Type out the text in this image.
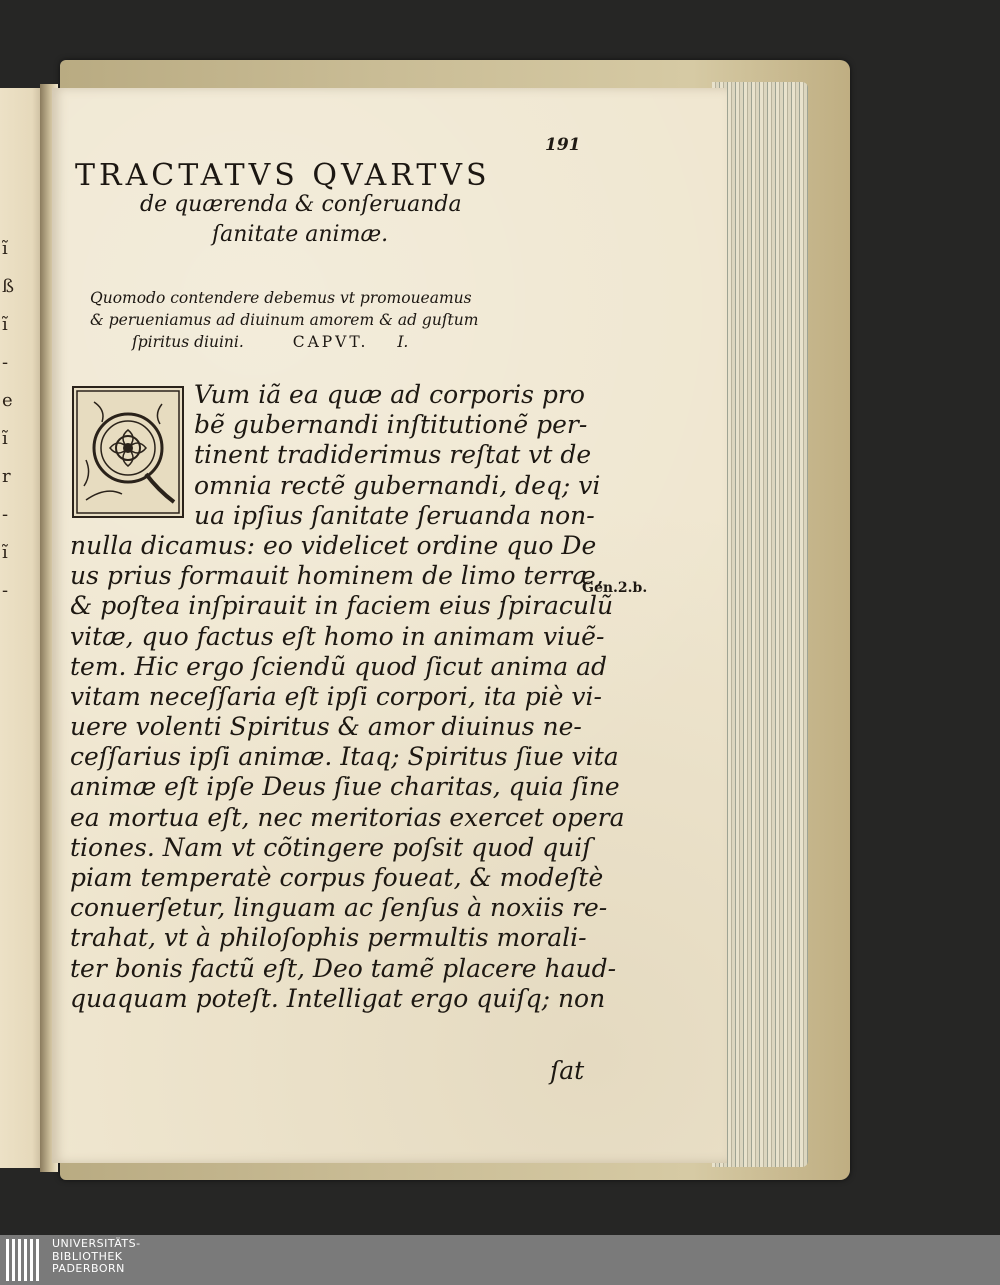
ĩ
ß
ĩ
-
e
ĩ
r
-
ĩ
-
191
TRACTATVS QVARTVS
de quærenda & conſeruanda
ſanitate animæ.
Quomodo contendere debemus vt promoueamus
& perueniamus ad diuinum amorem & ad guſtum
ſpiritus diuini.	CAPVT. I.
Vum iã ea quæ ad corporis pro
bẽ gubernandi inſtitutionẽ per-
tinent tradiderimus reſtat vt de
omnia rectẽ gubernandi, deq; vi
ua ipſius ſanitate ſeruanda non-
nulla dicamus: eo videlicet ordine quo De
us prius formauit hominem de limo terræ,
& poſtea inſpirauit in faciem eius ſpiraculũ
vitæ, quo factus eſt homo in animam viuẽ-
tem. Hic ergo ſciendũ quod ſicut anima ad
vitam neceſſaria eſt ipſi corpori, ita piè vi-
uere volenti Spiritus & amor diuinus ne-
ceſſarius ipſi animæ. Itaq; Spiritus ſiue vita
animæ eſt ipſe Deus ſiue charitas, quia ſine
ea mortua eſt, nec meritorias exercet opera
tiones. Nam vt cõtingere poſsit quod quiſ
piam temperatè corpus foueat, & modeſtè
conuerſetur, linguam ac ſenſus à noxiis re-
trahat, vt à philoſophis permultis morali-
ter bonis factũ eſt, Deo tamẽ placere haud-
quaquam poteſt. Intelligat ergo quiſq; non
Gen.2.b.
ſat
UNIVERSITÄTS-
BIBLIOTHEK
PADERBORN
